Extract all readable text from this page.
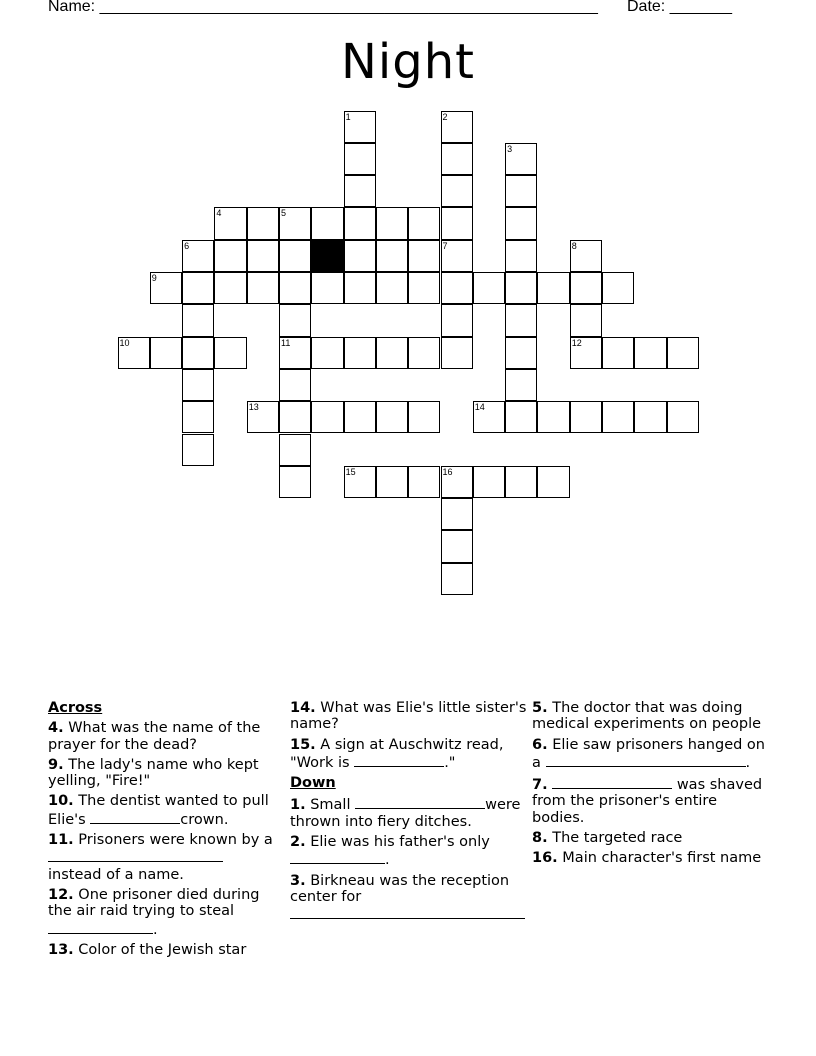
Name: ________________________________________________________ Date: _______
Night
1	2
3
4	5
6	7	8
9
10	11	12
13	14
15	16
Across
4. What was the name of the prayer for the dead?
9. The lady's name who kept yelling, "Fire!"
10. The dentist wanted to pull Elie's	crown.
11. Prisoners were known by a instead of a name.
12. One prisoner died during the air raid trying to steal .
13. Color of the Jewish star
14. What was Elie's little sister's name?
15. A sign at Auschwitz read, "Work is	."
Down
1. Small	were thrown into fiery ditches.
2. Elie was his father's only .
3. Birkneau was the reception center for
5. The doctor that was doing medical experiments on people
6. Elie saw prisoners hanged on a	.
7.	was shaved from the prisoner's entire bodies.
8. The targeted race
16. Main character's first name
